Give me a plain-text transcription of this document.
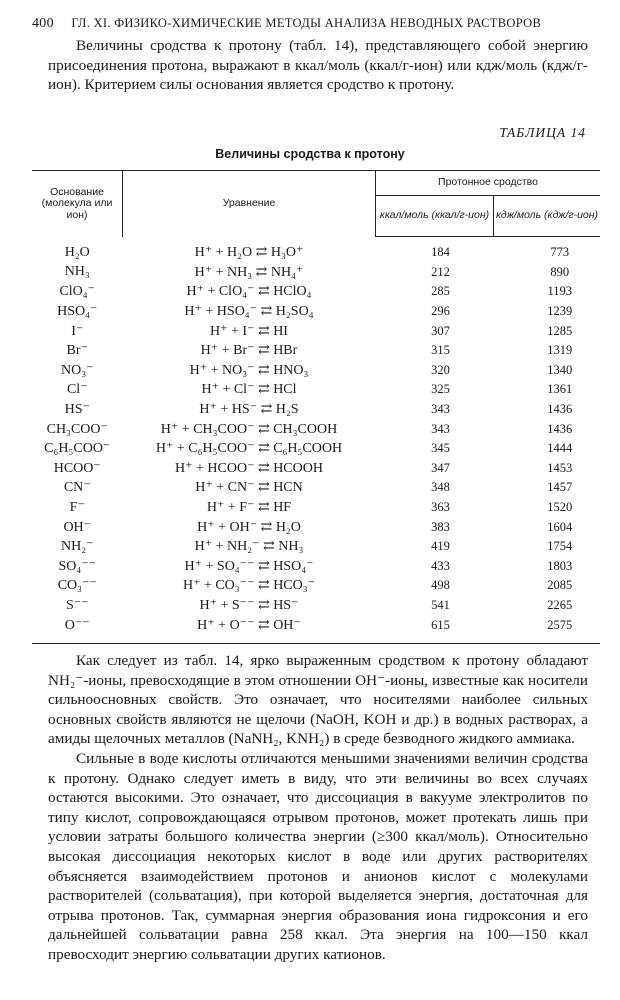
400 ГЛ. XI. ФИЗИКО-ХИМИЧЕСКИЕ МЕТОДЫ АНАЛИЗА НЕВОДНЫХ РАСТВОРОВ

Величины сродства к протону (табл. 14), представляющего собой энергию присоединения протона, выражают в ккал/моль (ккал/г-ион) или кдж/моль (кдж/г-ион). Критерием силы основания является сродство к протону.

ТАБЛИЦА 14
Величины сродства к протону
Основание (молекула или ион)	Уравнение	Протонное сродство	
		ккал/моль (ккал/г-ион)	кдж/моль (кдж/г-ион)
H₂O	H⁺ + H₂O ⇄ H₃O⁺	184	773
NH₃	H⁺ + NH₃ ⇄ NH₄⁺	212	890
ClO₄⁻	H⁺ + ClO₄⁻ ⇄ HClO₄	285	1193
HSO₄⁻	H⁺ + HSO₄⁻ ⇄ H₂SO₄	296	1239
I⁻	H⁺ + I⁻ ⇄ HI	307	1285
Br⁻	H⁺ + Br⁻ ⇄ HBr	315	1319
NO₃⁻	H⁺ + NO₃⁻ ⇄ HNO₃	320	1340
Cl⁻	H⁺ + Cl⁻ ⇄ HCl	325	1361
HS⁻	H⁺ + HS⁻ ⇄ H₂S	343	1436
CH₃COO⁻	H⁺ + CH₃COO⁻ ⇄ CH₃COOH	343	1436
C₆H₅COO⁻	H⁺ + C₆H₅COO⁻ ⇄ C₆H₅COOH	345	1444
HCOO⁻	H⁺ + HCOO⁻ ⇄ HCOOH	347	1453
CN⁻	H⁺ + CN⁻ ⇄ HCN	348	1457
F⁻	H⁺ + F⁻ ⇄ HF	363	1520
OH⁻	H⁺ + OH⁻ ⇄ H₂O	383	1604
NH₂⁻	H⁺ + NH₂⁻ ⇄ NH₃	419	1754
SO₄⁻⁻	H⁺ + SO₄⁻⁻ ⇄ HSO₄⁻	433	1803
CO₃⁻⁻	H⁺ + CO₃⁻⁻ ⇄ HCO₃⁻	498	2085
S⁻⁻	H⁺ + S⁻⁻ ⇄ HS⁻	541	2265
O⁻⁻	H⁺ + O⁻⁻ ⇄ OH⁻	615	2575

Как следует из табл. 14, ярко выраженным сродством к протону обладают NH₂⁻-ионы, превосходящие в этом отношении OH⁻-ионы, известные как носители сильноосновных свойств. Это означает, что носителями наиболее сильных основных свойств являются не щелочи (NaOH, KOH и др.) в водных растворах, а амиды щелочных металлов (NaNH₂, KNH₂) в среде безводного жидкого аммиака.

Сильные в воде кислоты отличаются меньшими значениями величин сродства к протону. Однако следует иметь в виду, что эти величины во всех случаях остаются высокими. Это означает, что диссоциация в вакууме электролитов по типу кислот, сопровождающаяся отрывом протонов, может протекать лишь при условии затраты большого количества энергии (≥300 ккал/моль). Относительно высокая диссоциация некоторых кислот в воде или других растворителях объясняется взаимодействием протонов и анионов кислот с молекулами растворителей (сольватация), при которой выделяется энергия, достаточная для отрыва протонов. Так, суммарная энергия образования иона гидроксония и его дальнейшей сольватации равна 258 ккал. Эта энергия на 100—150 ккал превосходит энергию сольватации других катионов.
